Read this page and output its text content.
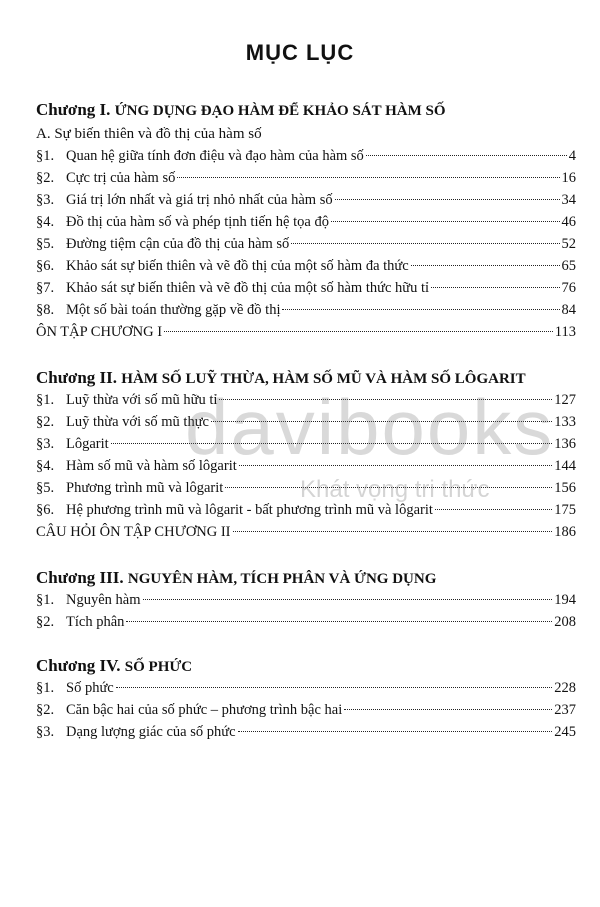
MỤC LỤC
Chương I. ỨNG DỤNG ĐẠO HÀM ĐỂ KHẢO SÁT HÀM SỐ
A. Sự biến thiên và đồ thị của hàm số
§1. Quan hệ giữa tính đơn điệu và đạo hàm của hàm số	4
§2. Cực trị của hàm số	16
§3. Giá trị lớn nhất và giá trị nhỏ nhất của hàm số	34
§4. Đồ thị của hàm số và phép tịnh tiến hệ tọa độ	46
§5. Đường tiệm cận của đồ thị của hàm số	52
§6. Khảo sát sự biến thiên và vẽ đồ thị của một số hàm đa thức	65
§7. Khảo sát sự biến thiên và vẽ đồ thị của một số hàm thức hữu tỉ	76
§8. Một số bài toán thường gặp về đồ thị	84
ÔN TẬP CHƯƠNG I	113
Chương II. HÀM SỐ LUỸ THỪA, HÀM SỐ MŨ VÀ HÀM SỐ LÔGARIT
§1. Luỹ thừa với số mũ hữu tỉ	127
§2. Luỹ thừa với số mũ thực	133
§3. Lôgarit	136
§4. Hàm số mũ và hàm số lôgarit	144
§5. Phương trình mũ và lôgarit	156
§6. Hệ phương trình mũ và lôgarit - bất phương trình mũ và lôgarit	175
CÂU HỎI ÔN TẬP CHƯƠNG II	186
Chương III. NGUYÊN HÀM, TÍCH PHÂN VÀ ỨNG DỤNG
§1. Nguyên hàm	194
§2. Tích phân	208
Chương IV. SỐ PHỨC
§1. Số phức	228
§2. Căn bậc hai của số phức – phương trình bậc hai	237
§3. Dạng lượng giác của số phức	245
davibooks
Khát vọng tri thức
